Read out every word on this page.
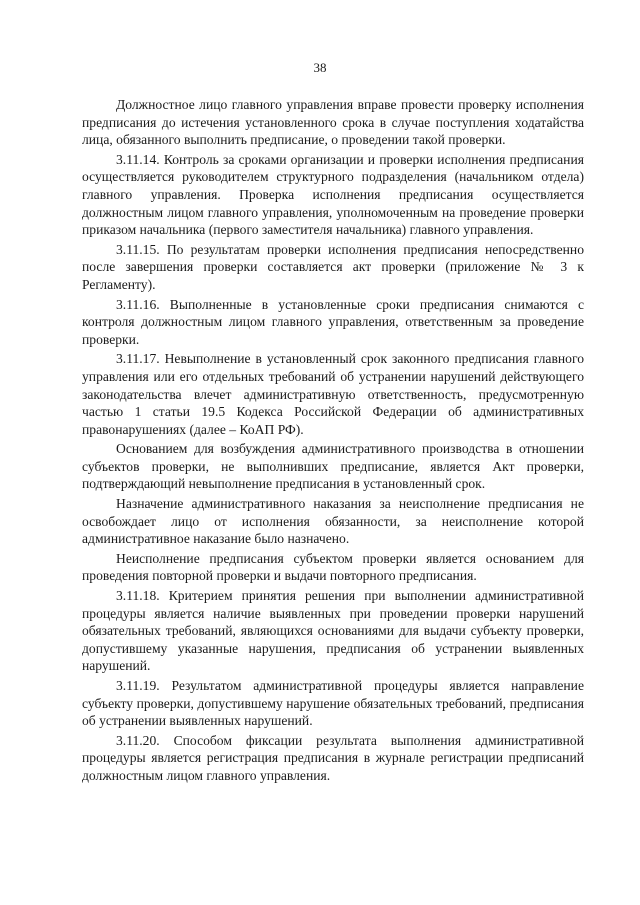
38

Должностное лицо главного управления вправе провести проверку исполнения предписания до истечения установленного срока в случае поступления ходатайства лица, обязанного выполнить предписание, о проведении такой проверки.

3.11.14. Контроль за сроками организации и проверки исполнения предписания осуществляется руководителем структурного подразделения (начальником отдела) главного управления. Проверка исполнения предписания осуществляется должностным лицом главного управления, уполномоченным на проведение проверки приказом начальника (первого заместителя начальника) главного управления.

3.11.15. По результатам проверки исполнения предписания непосредственно после завершения проверки составляется акт проверки (приложение № 3 к Регламенту).

3.11.16. Выполненные в установленные сроки предписания снимаются с контроля должностным лицом главного управления, ответственным за проведение проверки.

3.11.17. Невыполнение в установленный срок законного предписания главного управления или его отдельных требований об устранении нарушений действующего законодательства влечет административную ответственность, предусмотренную частью 1 статьи 19.5 Кодекса Российской Федерации об административных правонарушениях (далее – КоАП РФ).

Основанием для возбуждения административного производства в отношении субъектов проверки, не выполнивших предписание, является Акт проверки, подтверждающий невыполнение предписания в установленный срок.

Назначение административного наказания за неисполнение предписания не освобождает лицо от исполнения обязанности, за неисполнение которой административное наказание было назначено.

Неисполнение предписания субъектом проверки является основанием для проведения повторной проверки и выдачи повторного предписания.

3.11.18. Критерием принятия решения при выполнении административной процедуры является наличие выявленных при проведении проверки нарушений обязательных требований, являющихся основаниями для выдачи субъекту проверки, допустившему указанные нарушения, предписания об устранении выявленных нарушений.

3.11.19. Результатом административной процедуры является направление субъекту проверки, допустившему нарушение обязательных требований, предписания об устранении выявленных нарушений.

3.11.20. Способом фиксации результата выполнения административной процедуры является регистрация предписания в журнале регистрации предписаний должностным лицом главного управления.
